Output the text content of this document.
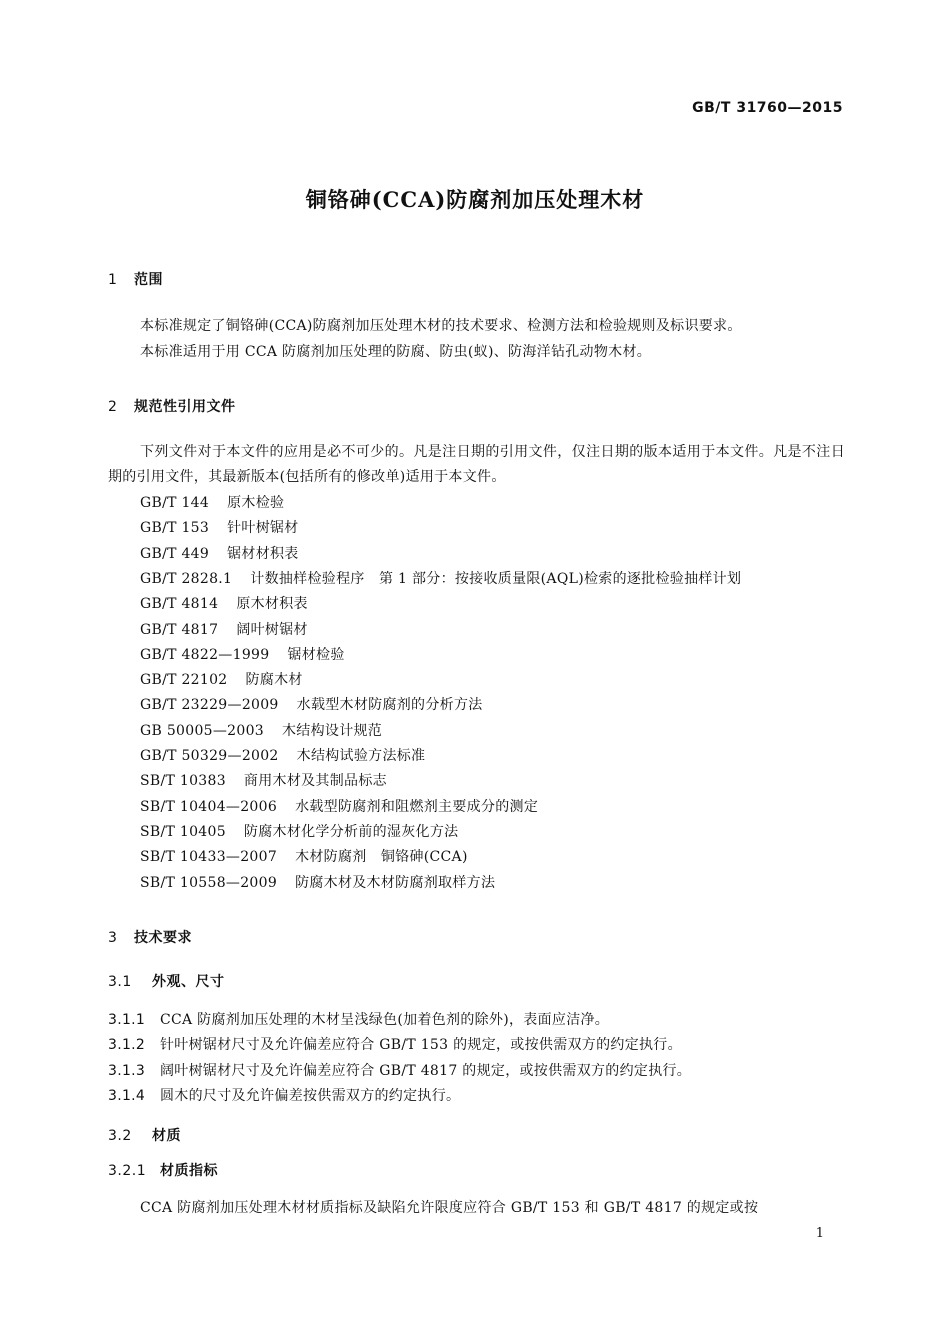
GB/T 31760—2015
铜铬砷(CCA)防腐剂加压处理木材
1 范围
本标准规定了铜铬砷(CCA)防腐剂加压处理木材的技术要求、检测方法和检验规则及标识要求。
本标准适用于用 CCA 防腐剂加压处理的防腐、防虫(蚁)、防海洋钻孔动物木材。
2 规范性引用文件
下列文件对于本文件的应用是必不可少的。凡是注日期的引用文件，仅注日期的版本适用于本文件。凡是不注日期的引用文件，其最新版本(包括所有的修改单)适用于本文件。
GB/T 144 原木检验
GB/T 153 针叶树锯材
GB/T 449 锯材材积表
GB/T 2828.1 计数抽样检验程序　第 1 部分：按接收质量限(AQL)检索的逐批检验抽样计划
GB/T 4814 原木材积表
GB/T 4817 阔叶树锯材
GB/T 4822—1999 锯材检验
GB/T 22102 防腐木材
GB/T 23229—2009 水载型木材防腐剂的分析方法
GB 50005—2003 木结构设计规范
GB/T 50329—2002 木结构试验方法标准
SB/T 10383 商用木材及其制品标志
SB/T 10404—2006 水载型防腐剂和阻燃剂主要成分的测定
SB/T 10405 防腐木材化学分析前的湿灰化方法
SB/T 10433—2007 木材防腐剂　铜铬砷(CCA)
SB/T 10558—2009 防腐木材及木材防腐剂取样方法
3 技术要求
3.1 外观、尺寸
3.1.1 CCA 防腐剂加压处理的木材呈浅绿色(加着色剂的除外)，表面应洁净。
3.1.2 针叶树锯材尺寸及允许偏差应符合 GB/T 153 的规定，或按供需双方的约定执行。
3.1.3 阔叶树锯材尺寸及允许偏差应符合 GB/T 4817 的规定，或按供需双方的约定执行。
3.1.4 圆木的尺寸及允许偏差按供需双方的约定执行。
3.2 材质
3.2.1 材质指标
CCA 防腐剂加压处理木材材质指标及缺陷允许限度应符合 GB/T 153 和 GB/T 4817 的规定或按
1
